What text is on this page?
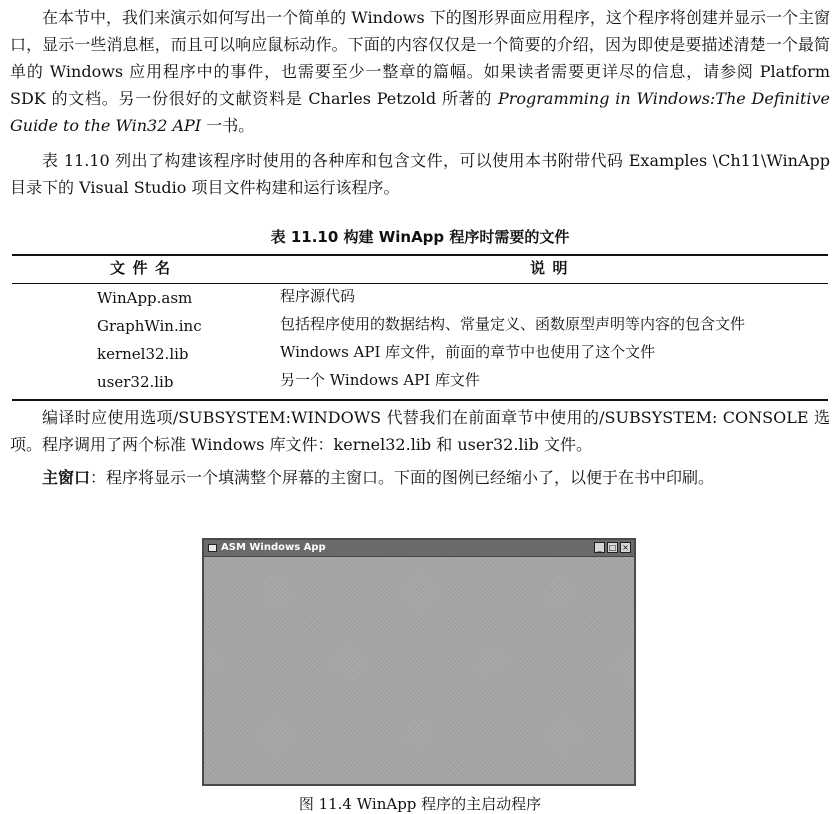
在本节中，我们来演示如何写出一个简单的 Windows 下的图形界面应用程序，这个程序将创建并显示一个主窗口，显示一些消息框，而且可以响应鼠标动作。下面的内容仅仅是一个简要的介绍，因为即使是要描述清楚一个最简单的 Windows 应用程序中的事件，也需要至少一整章的篇幅。如果读者需要更详尽的信息，请参阅 Platform SDK 的文档。另一份很好的文献资料是 Charles Petzold 所著的 Programming in Windows:The Definitive Guide to the Win32 API 一书。
表 11.10 列出了构建该程序时使用的各种库和包含文件，可以使用本书附带代码 Examples \Ch11\WinApp 目录下的 Visual Studio 项目文件构建和运行该程序。
表 11.10 构建 WinApp 程序时需要的文件
文件名	说明
WinApp.asm	程序源代码
GraphWin.inc	包括程序使用的数据结构、常量定义、函数原型声明等内容的包含文件
kernel32.lib	Windows API 库文件，前面的章节中也使用了这个文件
user32.lib	另一个 Windows API 库文件
编译时应使用选项/SUBSYSTEM:WINDOWS 代替我们在前面章节中使用的/SUBSYSTEM: CONSOLE 选项。程序调用了两个标准 Windows 库文件：kernel32.lib 和 user32.lib 文件。
主窗口：程序将显示一个填满整个屏幕的主窗口。下面的图例已经缩小了，以便于在书中印刷。
ASM Windows App	_ □ ×
图 11.4 WinApp 程序的主启动程序
